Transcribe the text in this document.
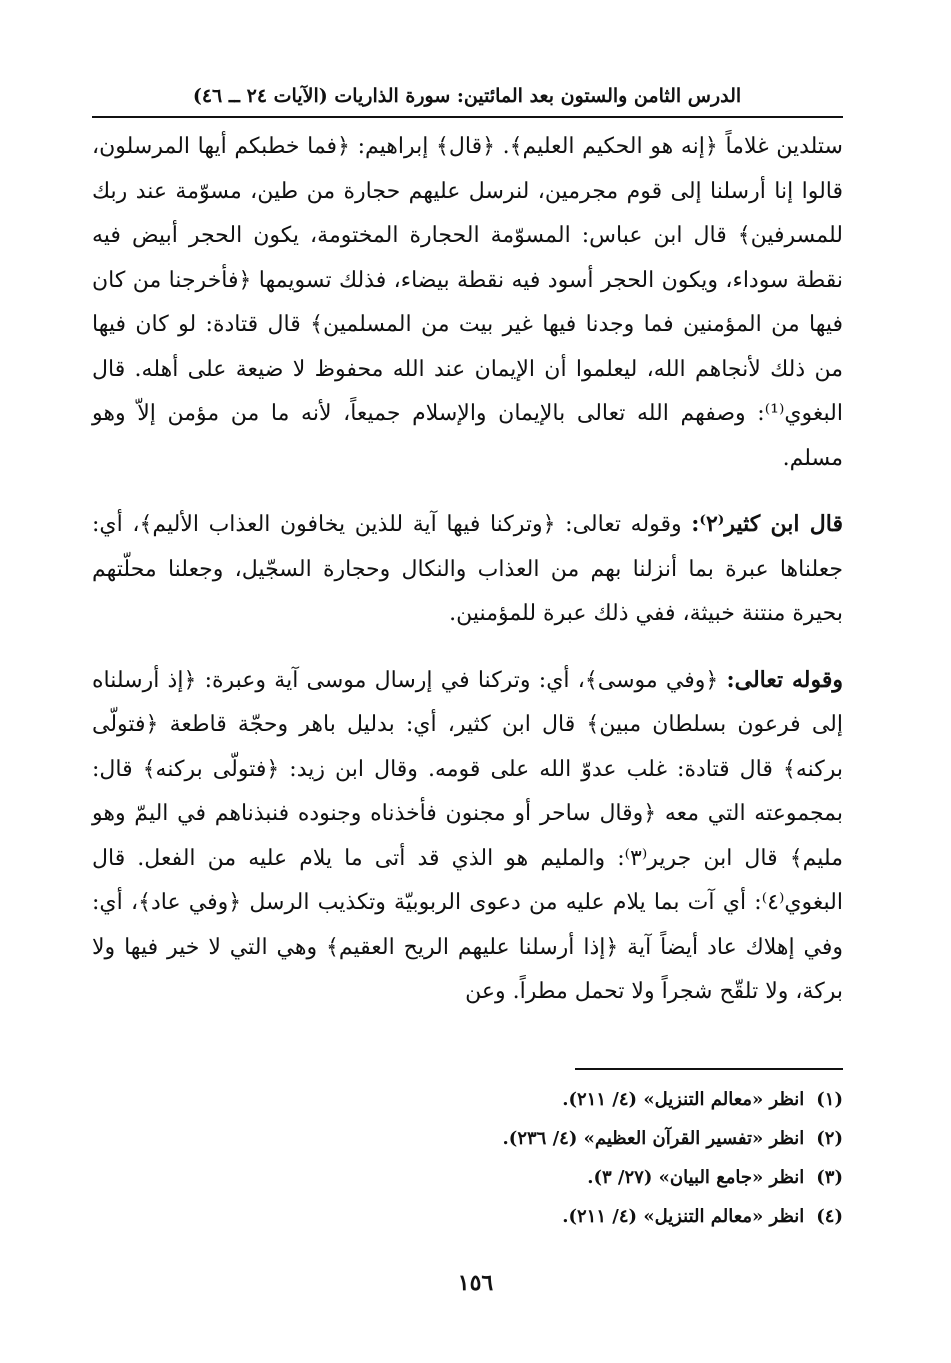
الدرس الثامن والستون بعد المائتين: سورة الذاريات (الآيات ٢٤ ــ ٤٦)

ستلدين غلاماً ﴿إنه هو الحكيم العليم﴾. ﴿قال﴾ إبراهيم: ﴿فما خطبكم أيها المرسلون، قالوا إنا أرسلنا إلى قوم مجرمين، لنرسل عليهم حجارة من طين، مسوّمة عند ربك للمسرفين﴾ قال ابن عباس: المسوّمة الحجارة المختومة، يكون الحجر أبيض فيه نقطة سوداء، ويكون الحجر أسود فيه نقطة بيضاء، فذلك تسويمها ﴿فأخرجنا من كان فيها من المؤمنين فما وجدنا فيها غير بيت من المسلمين﴾ قال قتادة: لو كان فيها من ذلك لأنجاهم الله، ليعلموا أن الإيمان عند الله محفوظ لا ضيعة على أهله. قال البغوي⁽¹⁾: وصفهم الله تعالى بالإيمان والإسلام جميعاً، لأنه ما من مؤمن إلاّ وهو مسلم.

قال ابن كثير⁽٢⁾: وقوله تعالى: ﴿وتركنا فيها آية للذين يخافون العذاب الأليم﴾، أي: جعلناها عبرة بما أنزلنا بهم من العذاب والنكال وحجارة السجّيل، وجعلنا محلّتهم بحيرة منتنة خبيثة، ففي ذلك عبرة للمؤمنين.

وقوله تعالى: ﴿وفي موسى﴾، أي: وتركنا في إرسال موسى آية وعبرة: ﴿إذ أرسلناه إلى فرعون بسلطان مبين﴾ قال ابن كثير، أي: بدليل باهر وحجّة قاطعة ﴿فتولّى بركنه﴾ قال قتادة: غلب عدوّ الله على قومه. وقال ابن زيد: ﴿فتولّى بركنه﴾ قال: بمجموعته التي معه ﴿وقال ساحر أو مجنون فأخذناه وجنوده فنبذناهم في اليمّ وهو مليم﴾ قال ابن جرير⁽٣⁾: والمليم هو الذي قد أتى ما يلام عليه من الفعل. قال البغوي⁽٤⁾: أي آت بما يلام عليه من دعوى الربوبيّة وتكذيب الرسل ﴿وفي عاد﴾، أي: وفي إهلاك عاد أيضاً آية ﴿إذا أرسلنا عليهم الريح العقيم﴾ وهي التي لا خير فيها ولا بركة، ولا تلقّح شجراً ولا تحمل مطراً. وعن

(١)انظر «معالم التنزيل» (٤/ ٢١١).
(٢)انظر «تفسير القرآن العظيم» (٤/ ٢٣٦).
(٣)انظر «جامع البيان» (٢٧/ ٣).
(٤)انظر «معالم التنزيل» (٤/ ٢١١).
١٥٦
